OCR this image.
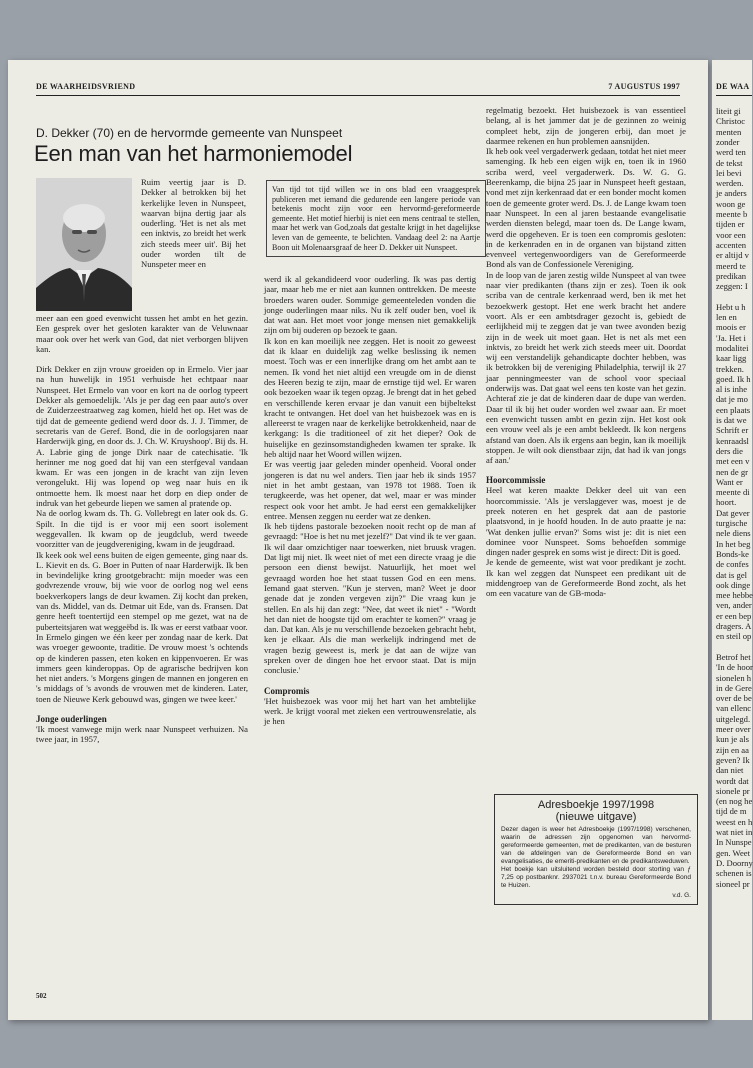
DE WAARHEIDSVRIEND	7 AUGUSTUS 1997
D. Dekker (70) en de hervormde gemeente van Nunspeet
Een man van het harmoniemodel
Ruim veertig jaar is D. Dekker al betrokken bij het kerkelijke leven in Nunspeet, waarvan bijna dertig jaar als ouderling. 'Het is net als met een inktvis, zo breidt het werk zich steeds meer uit'. Bij het ouder worden tilt de Nunspeter meer en

meer aan een goed evenwicht tussen het ambt en het gezin. Een gesprek over het gesloten karakter van de Veluwnaar maar ook over het werk van God, dat niet verborgen blijven kan.

Dirk Dekker en zijn vrouw groeiden op in Ermelo. Vier jaar na hun huwelijk in 1951 verhuisde het echtpaar naar Nunspeet. Het Ermelo van voor en kort na de oorlog typeert Dekker als gemoedelijk. 'Als je per dag een paar auto's over de Zuiderzeestraatweg zag komen, hield het op. Het was de tijd dat de gemeente gediend werd door ds. J. J. Timmer, de secretaris van de Geref. Bond, die in de oorlogsjaren naar Harderwijk ging, en door ds. J. Ch. W. Kruyshoop'. Bij ds. H. A. Labrie ging de jonge Dirk naar de catechisatie. 'Ik herinner me nog goed dat hij van een sterfgeval vandaan kwam. Er was een jongen in de kracht van zijn leven verongelukt. Hij was lopend op weg naar huis en ik ontmoette hem. Ik moest naar het dorp en diep onder de indruk van het gebeurde liepen we samen al pratende op.

Na de oorlog kwam ds. Th. G. Vollebregt en later ook ds. G. Spilt. In die tijd is er voor mij een soort isolement weggevallen. Ik kwam op de jeugdclub, werd tweede voorzitter van de jeugdvereniging, kwam in de jeugdraad.

Ik keek ook wel eens buiten de eigen gemeente, ging naar ds. L. Kievit en ds. G. Boer in Putten of naar Harderwijk. Ik ben in bevindelijke kring grootgebracht: mijn moeder was een godvrezende vrouw, bij wie voor de oorlog nog wel eens boekverkopers langs de deur kwamen. Zij kocht dan preken, van ds. Middel, van ds. Detmar uit Ede, van ds. Fransen. Dat genre heeft toentertijd een stempel op me gezet, wat na de puberteitsjaren wat weggeëbd is. Ik was er eerst vatbaar voor.

In Ermelo gingen we één keer per zondag naar de kerk. Dat was vroeger gewoonte, traditie. De vrouw moest 's ochtends op de kinderen passen, eten koken en kippenvoeren. Er was immers geen kinderoppas. Op de agrarische bedrijven kon het niet anders. 's Morgens gingen de mannen en jongeren en 's middags of 's avonds de vrouwen met de kinderen. Later, toen de Nieuwe Kerk gebouwd was, gingen we twee keer.'

Jonge ouderlingen

'Ik moest vanwege mijn werk naar Nunspeet verhuizen. Na twee jaar, in 1957,

Van tijd tot tijd willen we in ons blad een vraaggesprek publiceren met iemand die gedurende een langere periode van betekenis mocht zijn voor een hervormd-gereformeerde gemeente. Het motief hierbij is niet een mens centraal te stellen, maar het werk van God,zoals dat gestalte krijgt in het dagelijkse leven van de gemeente, te belichten. Vandaag deel 2: na Aartje Boon uit Molenaarsgraaf de heer D. Dekker uit Nunspeet.

werd ik al gekandideerd voor ouderling. Ik was pas dertig jaar, maar heb me er niet aan kunnen onttrekken. De meeste broeders waren ouder. Sommige gemeenteleden vonden die jonge ouderlingen maar niks. Nu ik zelf ouder ben, voel ik dat wat aan. Het moet voor jonge mensen niet gemakkelijk zijn om bij ouderen op bezoek te gaan.

Ik kon en kan moeilijk nee zeggen. Het is nooit zo geweest dat ik klaar en duidelijk zag welke beslissing ik nemen moest. Toch was er een innerlijke drang om het ambt aan te nemen. Ik vond het niet altijd een vreugde om in de dienst des Heeren bezig te zijn, maar de ernstige tijd wel. Er waren ook bezoeken waar ik tegen opzag. Je brengt dat in het gebed en verschillende keren ervaar je dan vanuit een bijbeltekst kracht te ontvangen. Het doel van het huisbezoek was en is allereerst te vragen naar de kerkelijke betrokkenheid, naar de kerkgang: Is die traditioneel of zit het dieper? Ook de huiselijke en gezinsomstandigheden kwamen ter sprake. Ik heb altijd naar het Woord willen wijzen.

Er was veertig jaar geleden minder openheid. Vooral onder jongeren is dat nu wel anders. Tien jaar heb ik sinds 1957 niet in het ambt gestaan, van 1978 tot 1988. Toen ik terugkeerde, was het opener, dat wel, maar er was minder respect ook voor het ambt. Je had eerst een gemakkelijker entree. Mensen zeggen nu eerder wat ze denken.

Ik heb tijdens pastorale bezoeken nooit recht op de man af gevraagd: "Hoe is het nu met jezelf?" Dat vind ik te ver gaan. Ik wil daar omzichtiger naar toewerken, niet bruusk vragen. Dat ligt mij niet. Ik weet niet of met een directe vraag je die persoon een dienst bewijst. Natuurlijk, het moet wel gevraagd worden hoe het staat tussen God en een mens. Iemand gaat sterven. "Kun je sterven, man? Weet je door genade dat je zonden vergeven zijn?" Die vraag kun je stellen. En als hij dan zegt: "Nee, dat weet ik niet" - "Wordt het dan niet de hoogste tijd om erachter te komen?" vraag je dan. Dat kan. Als je nu verschillende bezoeken gebracht hebt, ken je elkaar. Als die man werkelijk indringend met de vragen bezig geweest is, merk je dat aan de wijze van spreken over de dingen hoe het ervoor staat. Dat is mijn conclusie.'

Compromis

'Het huisbezoek was voor mij het hart van het ambtelijke werk. Je krijgt vooral met zieken een vertrouwensrelatie, als je hen

regelmatig bezoekt. Het huisbezoek is van essentieel belang, al is het jammer dat je de gezinnen zo weinig compleet hebt, zijn de jongeren erbij, dan moet je daarmee rekenen en hun problemen aansnijden.

Ik heb ook veel vergaderwerk gedaan, totdat het niet meer samenging. Ik heb een eigen wijk en, toen ik in 1960 scriba werd, veel vergaderwerk. Ds. W. G. G. Beerenkamp, die bijna 25 jaar in Nunspeet heeft gestaan, vond met zijn kerkenraad dat er een bonder mocht komen toen de gemeente groter werd. Ds. J. de Lange kwam toen naar Nunspeet. In een al jaren bestaande evangelisatie werden diensten belegd, maar toen ds. De Lange kwam, werd die opgeheven. Er is toen een compromis gesloten: in de kerkenraden en in de organen van bijstand zitten evenveel vertegenwoordigers van de Gereformeerde Bond als van de Confessionele Vereniging.

In de loop van de jaren zestig wilde Nunspeet al van twee naar vier predikanten (thans zijn er zes). Toen ik ook scriba van de centrale kerkenraad werd, ben ik met het bezoekwerk gestopt. Het ene werk bracht het andere voort. Als er een ambtsdrager gezocht is, gebiedt de eerlijkheid mij te zeggen dat je van twee avonden bezig zijn in de week uit moet gaan. Het is net als met een inktvis, zo breidt het werk zich steeds meer uit. Doordat wij een verstandelijk gehandicapte dochter hebben, was ik betrokken bij de vereniging Philadelphia, terwijl ik 27 jaar penningmeester van de school voor speciaal onderwijs was. Dat gaat wel eens ten koste van het gezin. Achteraf zie je dat de kinderen daar de dupe van werden. Daar til ik bij het ouder worden wel zwaar aan. Er moet een evenwicht tussen ambt en gezin zijn. Het kost ook een vrouw veel als je een ambt bekleedt. Ik kon nergens afstand van doen. Als ik ergens aan begin, kan ik moeilijk stoppen. Je wilt ook dienstbaar zijn, dat had ik van jongs af aan.'

Hoorcommissie

Heel wat keren maakte Dekker deel uit van een hoorcommissie. 'Als je verslaggever was, moest je de preek noteren en het gesprek dat aan de pastorie plaatsvond, in je hoofd houden. In de auto praatte je na: 'Wat denken jullie ervan?' Soms wist je: dit is niet een dominee voor Nunspeet. Soms behoefden sommige dingen nader gesprek en soms wist je direct: Dit is goed.

Je kende de gemeente, wist wat voor predikant je zocht. Ik kan wel zeggen dat Nunspeet een predikant uit de middengroep van de Gereformeerde Bond zocht, als het om een vacature van de GB-moda-

Adresboekje 1997/1998
(nieuwe uitgave)
Dezer dagen is weer het Adresboekje (1997/1998) verschenen, waarin de adressen zijn opgenomen van hervormd-gereformeerde gemeenten, met de predikanten, van de besturen van de afdelingen van de Gereformeerde Bond en van evangelisaties, de emeriti-predikanten en de predikantsweduwen.
Het boekje kan uitsluitend worden besteld door storting van ƒ 7,25 op postbanknr. 2937021 t.n.v. bureau Gereformeerde Bond te Huizen.
v.d. G.
502
DE WAA
liteit gi
Christoc
menten
zonder
werd ten
de tekst
lei bevi
werden.
je anders
woon ge
meente b
tijden er
voor een
accenten
er altijd v
meerd te
predikan
zeggen: I
Hebt u h
len en
moois er
'Ja. Het i
modalitei
kaar ligg
trekken.
goed. Ik h
al is inhe
dat je mo
een plaats
is dat we
Schrift er
kenraadsl
ders die
met een v
nen de gr
Want er
meente di
hoort.
Dat gever
turgische
nele diens
In het beg
Bonds-ke
de confes
dat is gel
ook dinge
mee hebbe
ven, ander
er een bep
dragers. A
en steil op
Betrof het
'In de hoor
sionelen h
in de Gere
over de be
van ellenc
uitgelegd.
meer over
kun je als
zijn en aa
geven? Ik
dan niet
wordt dat
sionele pr
(en nog he
tijd de m
weest en h
wat niet in
In Nunspe
gen. Weet
D. Doorny
schenen is
sioneel pr
